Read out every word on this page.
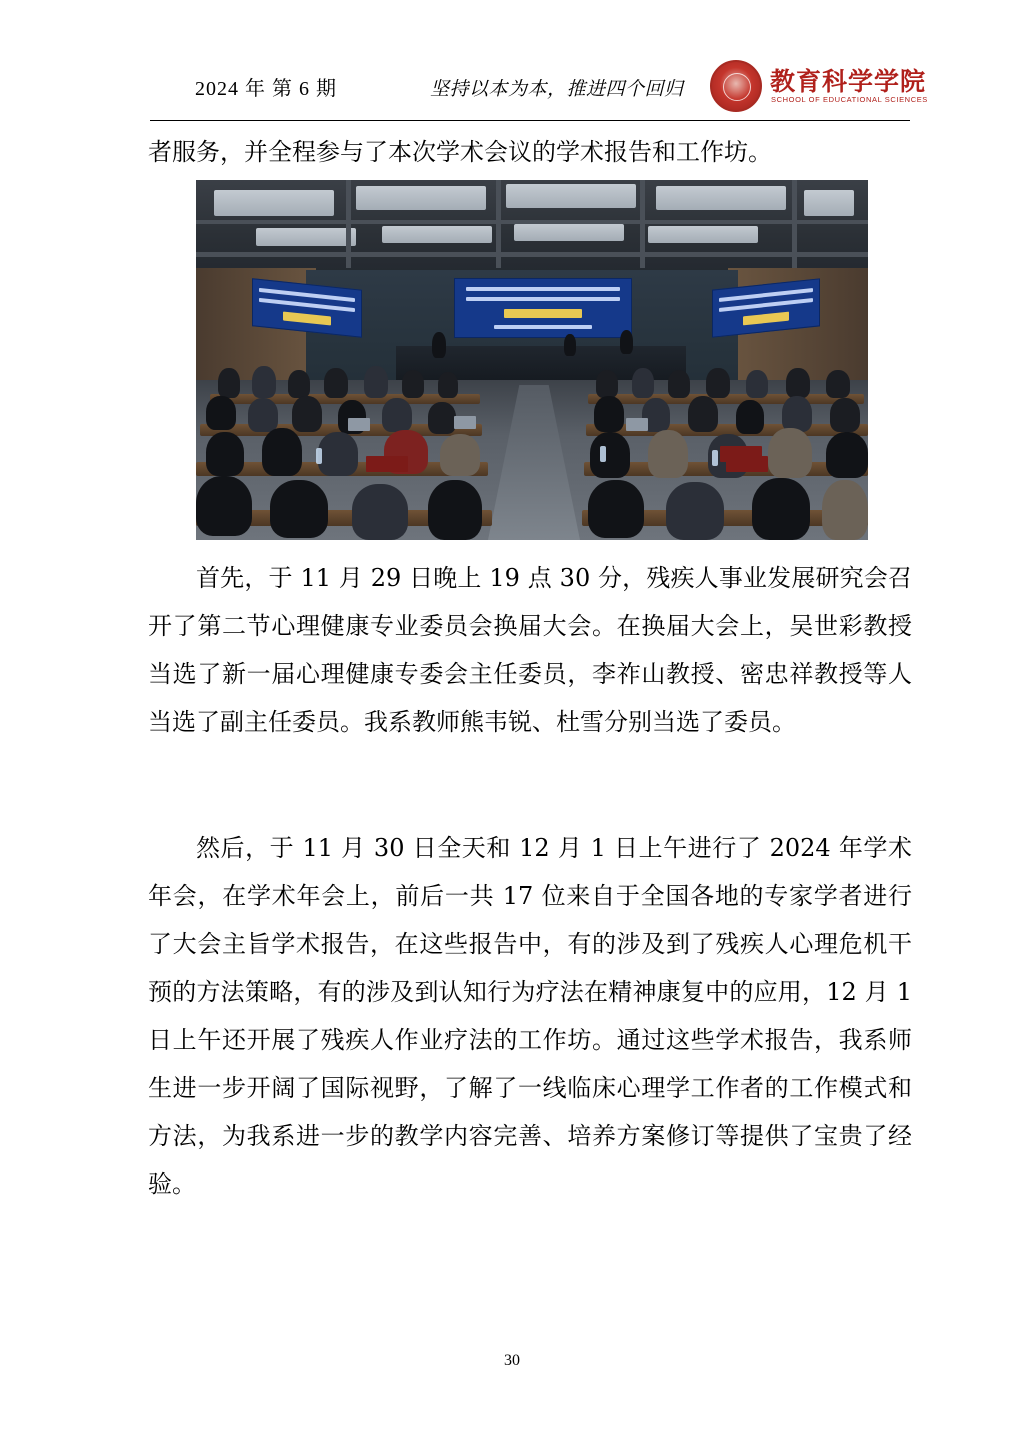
2024 年 第 6 期	坚持以本为本，推进四个回归	教育科学学院
SCHOOL OF EDUCATIONAL SCIENCES
者服务，并全程参与了本次学术会议的学术报告和工作坊。
首先，于 11 月 29 日晚上 19 点 30 分，残疾人事业发展研究会召开了第二节心理健康专业委员会换届大会。在换届大会上，吴世彩教授当选了新一届心理健康专委会主任委员，李祚山教授、密忠祥教授等人当选了副主任委员。我系教师熊韦锐、杜雪分别当选了委员。
然后，于 11 月 30 日全天和 12 月 1 日上午进行了 2024 年学术年会，在学术年会上，前后一共 17 位来自于全国各地的专家学者进行了大会主旨学术报告，在这些报告中，有的涉及到了残疾人心理危机干预的方法策略，有的涉及到认知行为疗法在精神康复中的应用，12 月 1 日上午还开展了残疾人作业疗法的工作坊。通过这些学术报告，我系师生进一步开阔了国际视野，了解了一线临床心理学工作者的工作模式和方法，为我系进一步的教学内容完善、培养方案修订等提供了宝贵了经验。
30
